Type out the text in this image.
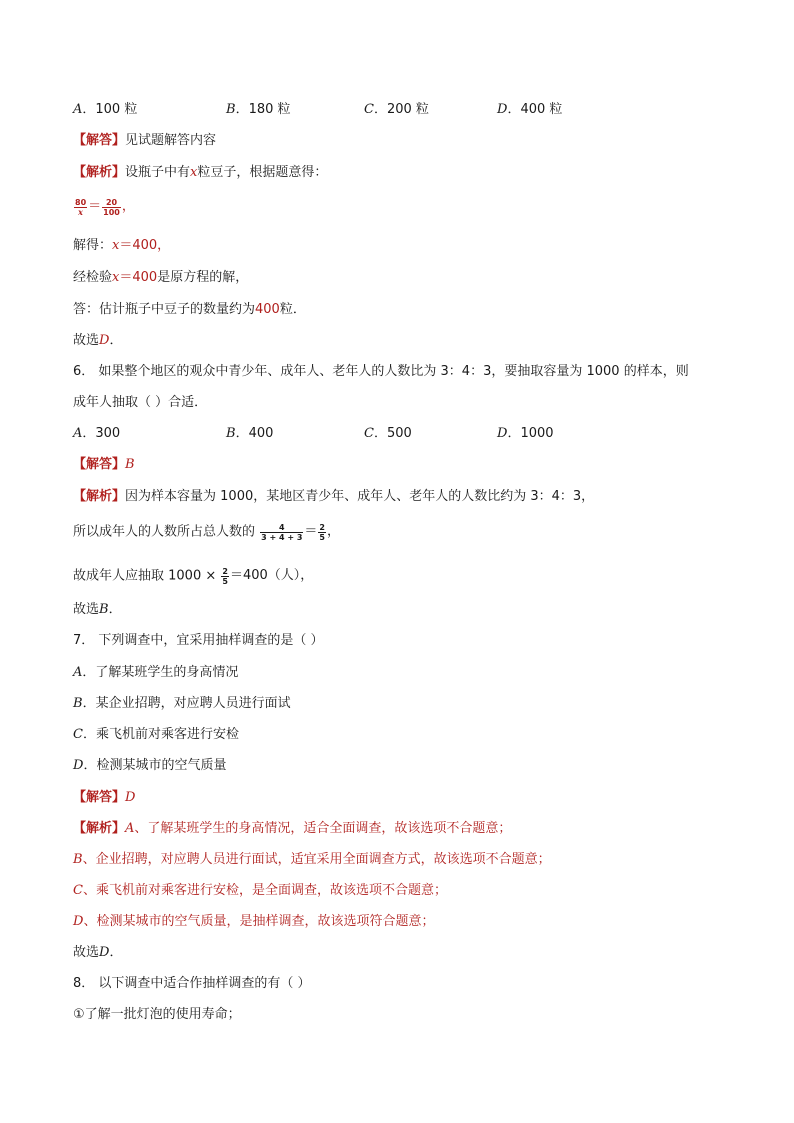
A．100 粒	B．180 粒	C．200 粒	D．400 粒
【解答】见试题解答内容
【解析】设瓶子中有x粒豆子，根据题意得：
$\frac{80}{x} = \frac{20}{100}$ ，
解得：x＝400，
经检验x＝400是原方程的解，
答：估计瓶子中豆子的数量约为400粒．
故选D．
6． 如果整个地区的观众中青少年、成年人、老年人的人数比为 3：4：3，要抽取容量为 1000 的样本，则
成年人抽取（ ）合适．
A．300	B．400	C．500	D．1000
【解答】B
【解析】因为样本容量为 1000，某地区青少年、成年人、老年人的人数比约为 3：4：3，
所以成年人的人数所占总人数的 $\frac{4}{3 + 4 + 3} = \frac{2}{5}$ ，
故成年人应抽取 $1000 \times \frac{2}{5} =400$（人），
故选B．
7． 下列调查中，宜采用抽样调查的是（ ）
A．了解某班学生的身高情况
B．某企业招聘，对应聘人员进行面试
C．乘飞机前对乘客进行安检
D．检测某城市的空气质量
【解答】D
【解析】A、了解某班学生的身高情况，适合全面调查，故该选项不合题意；
B、企业招聘，对应聘人员进行面试，适宜采用全面调查方式，故该选项不合题意；
C、乘飞机前对乘客进行安检，是全面调查，故该选项不合题意；
D、检测某城市的空气质量，是抽样调查，故该选项符合题意；
故选D．
8． 以下调查中适合作抽样调查的有（ ）
①了解一批灯泡的使用寿命；
